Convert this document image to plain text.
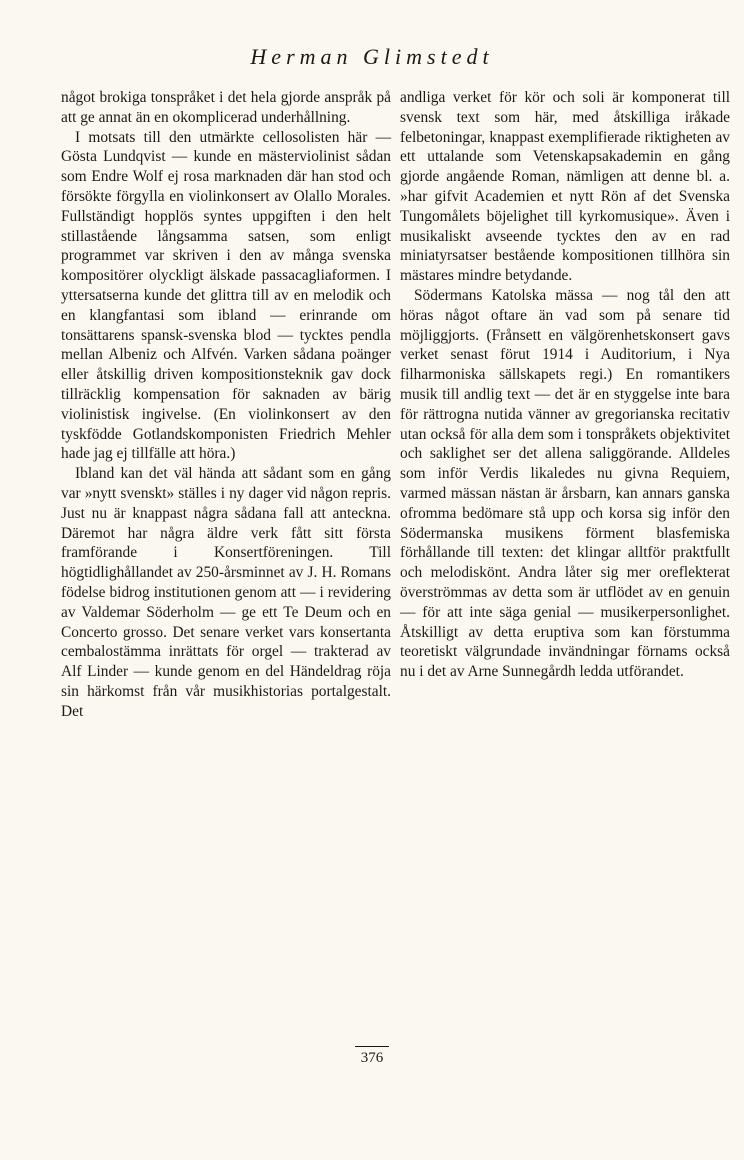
Herman Glimstedt

något brokiga tonspråket i det hela gjorde anspråk på att ge annat än en okomplicerad underhållning.

I motsats till den utmärkte cellosolisten här — Gösta Lundqvist — kunde en mästerviolinist sådan som Endre Wolf ej rosa marknaden där han stod och försökte förgylla en violinkonsert av Olallo Morales. Fullständigt hopplös syntes uppgiften i den helt stillastående långsamma satsen, som enligt programmet var skriven i den av många svenska kompositörer olyckligt älskade passacagliaformen. I yttersatserna kunde det glittra till av en melodik och en klangfantasi som ibland — erinrande om tonsättarens spansk-svenska blod — tycktes pendla mellan Albeniz och Alfvén. Varken sådana poänger eller åtskillig driven kompositionsteknik gav dock tillräcklig kompensation för saknaden av bärig violinistisk ingivelse. (En violinkonsert av den tyskfödde Gotlandskomponisten Friedrich Mehler hade jag ej tillfälle att höra.)

Ibland kan det väl hända att sådant som en gång var »nytt svenskt» ställes i ny dager vid någon repris. Just nu är knappast några sådana fall att anteckna. Däremot har några äldre verk fått sitt första framförande i Konsertföreningen. Till högtidlighållandet av 250-årsminnet av J. H. Romans födelse bidrog institutionen genom att — i revidering av Valdemar Söderholm — ge ett Te Deum och en Concerto grosso. Det senare verket vars konsertanta cembalostämma inrättats för orgel — trakterad av Alf Linder — kunde genom en del Händeldrag röja sin härkomst från vår musikhistorias portalgestalt. Det

andliga verket för kör och soli är komponerat till svensk text som här, med åtskilliga iråkade felbetoningar, knappast exemplifierade riktigheten av ett uttalande som Vetenskapsakademin en gång gjorde angående Roman, nämligen att denne bl. a. »har gifvit Academien et nytt Rön af det Svenska Tungomålets böjelighet till kyrkomusique». Även i musikaliskt avseende tycktes den av en rad miniatyrsatser bestående kompositionen tillhöra sin mästares mindre betydande.

Södermans Katolska mässa — nog tål den att höras något oftare än vad som på senare tid möjliggjorts. (Frånsett en välgörenhetskonsert gavs verket senast förut 1914 i Auditorium, i Nya filharmoniska sällskapets regi.) En romantikers musik till andlig text — det är en styggelse inte bara för rättrogna nutida vänner av gregorianska recitativ utan också för alla dem som i tonspråkets objektivitet och saklighet ser det allena saliggörande. Alldeles som inför Verdis likaledes nu givna Requiem, varmed mässan nästan är årsbarn, kan annars ganska ofromma bedömare stå upp och korsa sig inför den Södermanska musikens förment blasfemiska förhållande till texten: det klingar alltför praktfullt och melodiskönt. Andra låter sig mer oreflekterat överströmmas av detta som är utflödet av en genuin — för att inte säga genial — musikerpersonlighet. Åtskilligt av detta eruptiva som kan förstumma teoretiskt välgrundade invändningar förnams också nu i det av Arne Sunnegårdh ledda utförandet.

376
